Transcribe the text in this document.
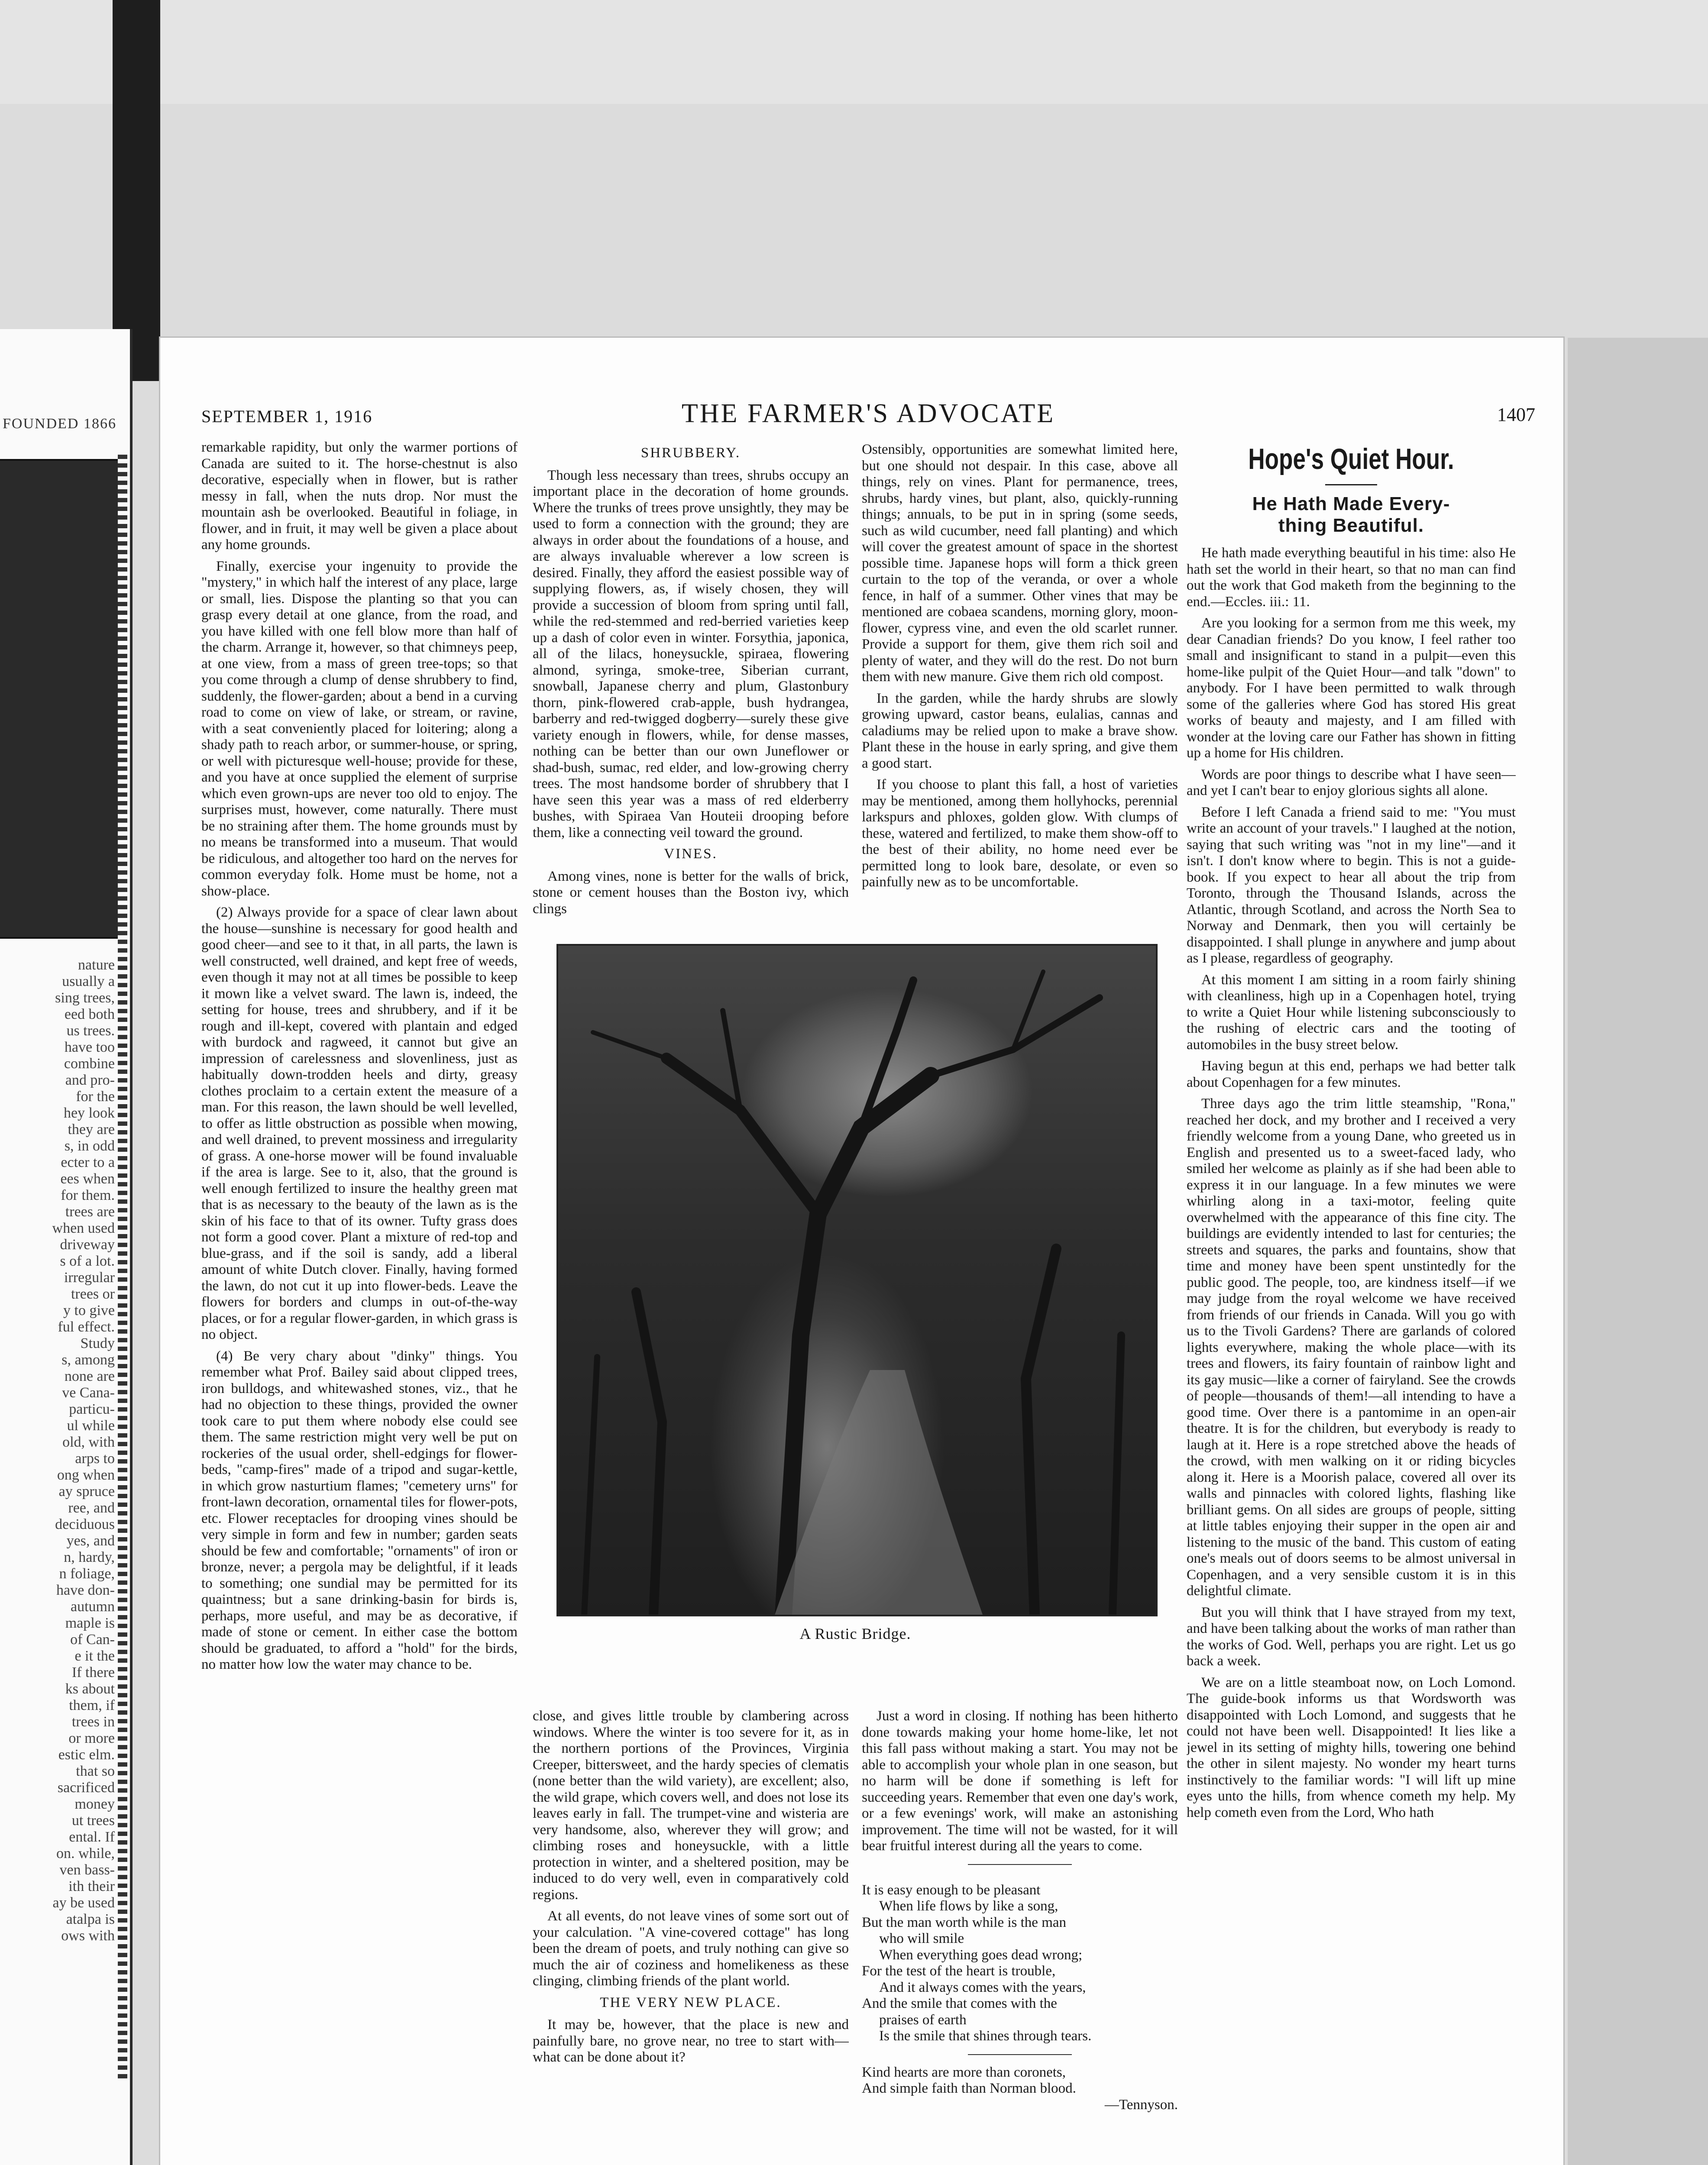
FOUNDED 1866
nature
usually a
sing trees,
eed both
us trees.
have too
combine
and pro-
for the
hey look
they are
s, in odd
ecter to a
ees when
for them.
trees are
when used
driveway
s of a lot.
irregular
trees or
y to give
ful effect.
Study
s, among
none are
ve Cana-
particu-
ul while
old, with
arps to
ong when
ay spruce
ree, and
deciduous
yes, and
n, hardy,
n foliage,
have don-
autumn
maple is
of Can-
e it the
If there
ks about
them, if
trees in
or more
estic elm.
that so
sacrificed
money
ut trees
ental. If
on. while,
ven bass-
ith their
ay be used
atalpa is
ows with
SEPTEMBER 1, 1916	THE FARMER'S ADVOCATE	1407

remarkable rapidity, but only the warmer portions of Canada are suited to it. The horse-chestnut is also decorative, especially when in flower, but is rather messy in fall, when the nuts drop. Nor must the mountain ash be overlooked. Beautiful in foliage, in flower, and in fruit, it may well be given a place about any home grounds.

Finally, exercise your ingenuity to provide the "mystery," in which half the interest of any place, large or small, lies. Dispose the planting so that you can grasp every detail at one glance, from the road, and you have killed with one fell blow more than half of the charm. Arrange it, however, so that chimneys peep, at one view, from a mass of green tree-tops; so that you come through a clump of dense shrubbery to find, suddenly, the flower-garden; about a bend in a curving road to come on view of lake, or stream, or ravine, with a seat conveniently placed for loitering; along a shady path to reach arbor, or summer-house, or spring, or well with picturesque well-house; provide for these, and you have at once supplied the element of surprise which even grown-ups are never too old to enjoy. The surprises must, however, come naturally. There must be no straining after them. The home grounds must by no means be transformed into a museum. That would be ridiculous, and altogether too hard on the nerves for common everyday folk. Home must be home, not a show-place.

(2) Always provide for a space of clear lawn about the house—sunshine is necessary for good health and good cheer—and see to it that, in all parts, the lawn is well constructed, well drained, and kept free of weeds, even though it may not at all times be possible to keep it mown like a velvet sward. The lawn is, indeed, the setting for house, trees and shrubbery, and if it be rough and ill-kept, covered with plantain and edged with burdock and ragweed, it cannot but give an impression of carelessness and slovenliness, just as habitually down-trodden heels and dirty, greasy clothes proclaim to a certain extent the measure of a man. For this reason, the lawn should be well levelled, to offer as little obstruction as possible when mowing, and well drained, to prevent mossiness and irregularity of grass. A one-horse mower will be found invaluable if the area is large. See to it, also, that the ground is well enough fertilized to insure the healthy green mat that is as necessary to the beauty of the lawn as is the skin of his face to that of its owner. Tufty grass does not form a good cover. Plant a mixture of red-top and blue-grass, and if the soil is sandy, add a liberal amount of white Dutch clover. Finally, having formed the lawn, do not cut it up into flower-beds. Leave the flowers for borders and clumps in out-of-the-way places, or for a regular flower-garden, in which grass is no object.

(4) Be very chary about "dinky" things. You remember what Prof. Bailey said about clipped trees, iron bulldogs, and whitewashed stones, viz., that he had no objection to these things, provided the owner took care to put them where nobody else could see them. The same restriction might very well be put on rockeries of the usual order, shell-edgings for flower-beds, "camp-fires" made of a tripod and sugar-kettle, in which grow nasturtium flames; "cemetery urns" for front-lawn decoration, ornamental tiles for flower-pots, etc. Flower receptacles for drooping vines should be very simple in form and few in number; garden seats should be few and comfortable; "ornaments" of iron or bronze, never; a pergola may be delightful, if it leads to something; one sundial may be permitted for its quaintness; but a sane drinking-basin for birds is, perhaps, more useful, and may be as decorative, if made of stone or cement. In either case the bottom should be graduated, to afford a "hold" for the birds, no matter how low the water may chance to be.

SHRUBBERY.

Though less necessary than trees, shrubs occupy an important place in the decoration of home grounds. Where the trunks of trees prove unsightly, they may be used to form a connection with the ground; they are always in order about the foundations of a house, and are always invaluable wherever a low screen is desired. Finally, they afford the easiest possible way of supplying flowers, as, if wisely chosen, they will provide a succession of bloom from spring until fall, while the red-stemmed and red-berried varieties keep up a dash of color even in winter. Forsythia, japonica, all of the lilacs, honeysuckle, spiraea, flowering almond, syringa, smoke-tree, Siberian currant, snowball, Japanese cherry and plum, Glastonbury thorn, pink-flowered crab-apple, bush hydrangea, barberry and red-twigged dogberry—surely these give variety enough in flowers, while, for dense masses, nothing can be better than our own Juneflower or shad-bush, sumac, red elder, and low-growing cherry trees. The most handsome border of shrubbery that I have seen this year was a mass of red elderberry bushes, with Spiraea Van Houteii drooping before them, like a connecting veil toward the ground.

VINES.

Among vines, none is better for the walls of brick, stone or cement houses than the Boston ivy, which clings

Ostensibly, opportunities are somewhat limited here, but one should not despair. In this case, above all things, rely on vines. Plant for permanence, trees, shrubs, hardy vines, but plant, also, quickly-running things; annuals, to be put in in spring (some seeds, such as wild cucumber, need fall planting) and which will cover the greatest amount of space in the shortest possible time. Japanese hops will form a thick green curtain to the top of the veranda, or over a whole fence, in half of a summer. Other vines that may be mentioned are cobaea scandens, morning glory, moon-flower, cypress vine, and even the old scarlet runner. Provide a support for them, give them rich soil and plenty of water, and they will do the rest. Do not burn them with new manure. Give them rich old compost.

In the garden, while the hardy shrubs are slowly growing upward, castor beans, eulalias, cannas and caladiums may be relied upon to make a brave show. Plant these in the house in early spring, and give them a good start.

If you choose to plant this fall, a host of varieties may be mentioned, among them hollyhocks, perennial larkspurs and phloxes, golden glow. With clumps of these, watered and fertilized, to make them show-off to the best of their ability, no home need ever be permitted long to look bare, desolate, or even so painfully new as to be uncomfortable.

A Rustic Bridge.

close, and gives little trouble by clambering across windows. Where the winter is too severe for it, as in the northern portions of the Provinces, Virginia Creeper, bittersweet, and the hardy species of clematis (none better than the wild variety), are excellent; also, the wild grape, which covers well, and does not lose its leaves early in fall. The trumpet-vine and wisteria are very handsome, also, wherever they will grow; and climbing roses and honeysuckle, with a little protection in winter, and a sheltered position, may be induced to do very well, even in comparatively cold regions.

At all events, do not leave vines of some sort out of your calculation. "A vine-covered cottage" has long been the dream of poets, and truly nothing can give so much the air of coziness and homelikeness as these clinging, climbing friends of the plant world.

THE VERY NEW PLACE.

It may be, however, that the place is new and painfully bare, no grove near, no tree to start with—what can be done about it?

Just a word in closing. If nothing has been hitherto done towards making your home home-like, let not this fall pass without making a start. You may not be able to accomplish your whole plan in one season, but no harm will be done if something is left for succeeding years. Remember that even one day's work, or a few evenings' work, will make an astonishing improvement. The time will not be wasted, for it will bear fruitful interest during all the years to come.

It is easy enough to be pleasant
When life flows by like a song,
But the man worth while is the man
who will smile
When everything goes dead wrong;
For the test of the heart is trouble,
And it always comes with the years,
And the smile that comes with the
praises of earth
Is the smile that shines through tears.
Kind hearts are more than coronets,
And simple faith than Norman blood.
—Tennyson.
Hope's Quiet Hour.
He Hath Made Every-
thing Beautiful.

He hath made everything beautiful in his time: also He hath set the world in their heart, so that no man can find out the work that God maketh from the beginning to the end.—Eccles. iii.: 11.

Are you looking for a sermon from me this week, my dear Canadian friends? Do you know, I feel rather too small and insignificant to stand in a pulpit—even this home-like pulpit of the Quiet Hour—and talk "down" to anybody. For I have been permitted to walk through some of the galleries where God has stored His great works of beauty and majesty, and I am filled with wonder at the loving care our Father has shown in fitting up a home for His children.

Words are poor things to describe what I have seen—and yet I can't bear to enjoy glorious sights all alone.

Before I left Canada a friend said to me: "You must write an account of your travels." I laughed at the notion, saying that such writing was "not in my line"—and it isn't. I don't know where to begin. This is not a guide-book. If you expect to hear all about the trip from Toronto, through the Thousand Islands, across the Atlantic, through Scotland, and across the North Sea to Norway and Denmark, then you will certainly be disappointed. I shall plunge in anywhere and jump about as I please, regardless of geography.

At this moment I am sitting in a room fairly shining with cleanliness, high up in a Copenhagen hotel, trying to write a Quiet Hour while listening subconsciously to the rushing of electric cars and the tooting of automobiles in the busy street below.

Having begun at this end, perhaps we had better talk about Copenhagen for a few minutes.

Three days ago the trim little steamship, "Rona," reached her dock, and my brother and I received a very friendly welcome from a young Dane, who greeted us in English and presented us to a sweet-faced lady, who smiled her welcome as plainly as if she had been able to express it in our language. In a few minutes we were whirling along in a taxi-motor, feeling quite overwhelmed with the appearance of this fine city. The buildings are evidently intended to last for centuries; the streets and squares, the parks and fountains, show that time and money have been spent unstintedly for the public good. The people, too, are kindness itself—if we may judge from the royal welcome we have received from friends of our friends in Canada. Will you go with us to the Tivoli Gardens? There are garlands of colored lights everywhere, making the whole place—with its trees and flowers, its fairy fountain of rainbow light and its gay music—like a corner of fairyland. See the crowds of people—thousands of them!—all intending to have a good time. Over there is a pantomime in an open-air theatre. It is for the children, but everybody is ready to laugh at it. Here is a rope stretched above the heads of the crowd, with men walking on it or riding bicycles along it. Here is a Moorish palace, covered all over its walls and pinnacles with colored lights, flashing like brilliant gems. On all sides are groups of people, sitting at little tables enjoying their supper in the open air and listening to the music of the band. This custom of eating one's meals out of doors seems to be almost universal in Copenhagen, and a very sensible custom it is in this delightful climate.

But you will think that I have strayed from my text, and have been talking about the works of man rather than the works of God. Well, perhaps you are right. Let us go back a week.

We are on a little steamboat now, on Loch Lomond. The guide-book informs us that Wordsworth was disappointed with Loch Lomond, and suggests that he could not have been well. Disappointed! It lies like a jewel in its setting of mighty hills, towering one behind the other in silent majesty. No wonder my heart turns instinctively to the familiar words: "I will lift up mine eyes unto the hills, from whence cometh my help. My help cometh even from the Lord, Who hath
